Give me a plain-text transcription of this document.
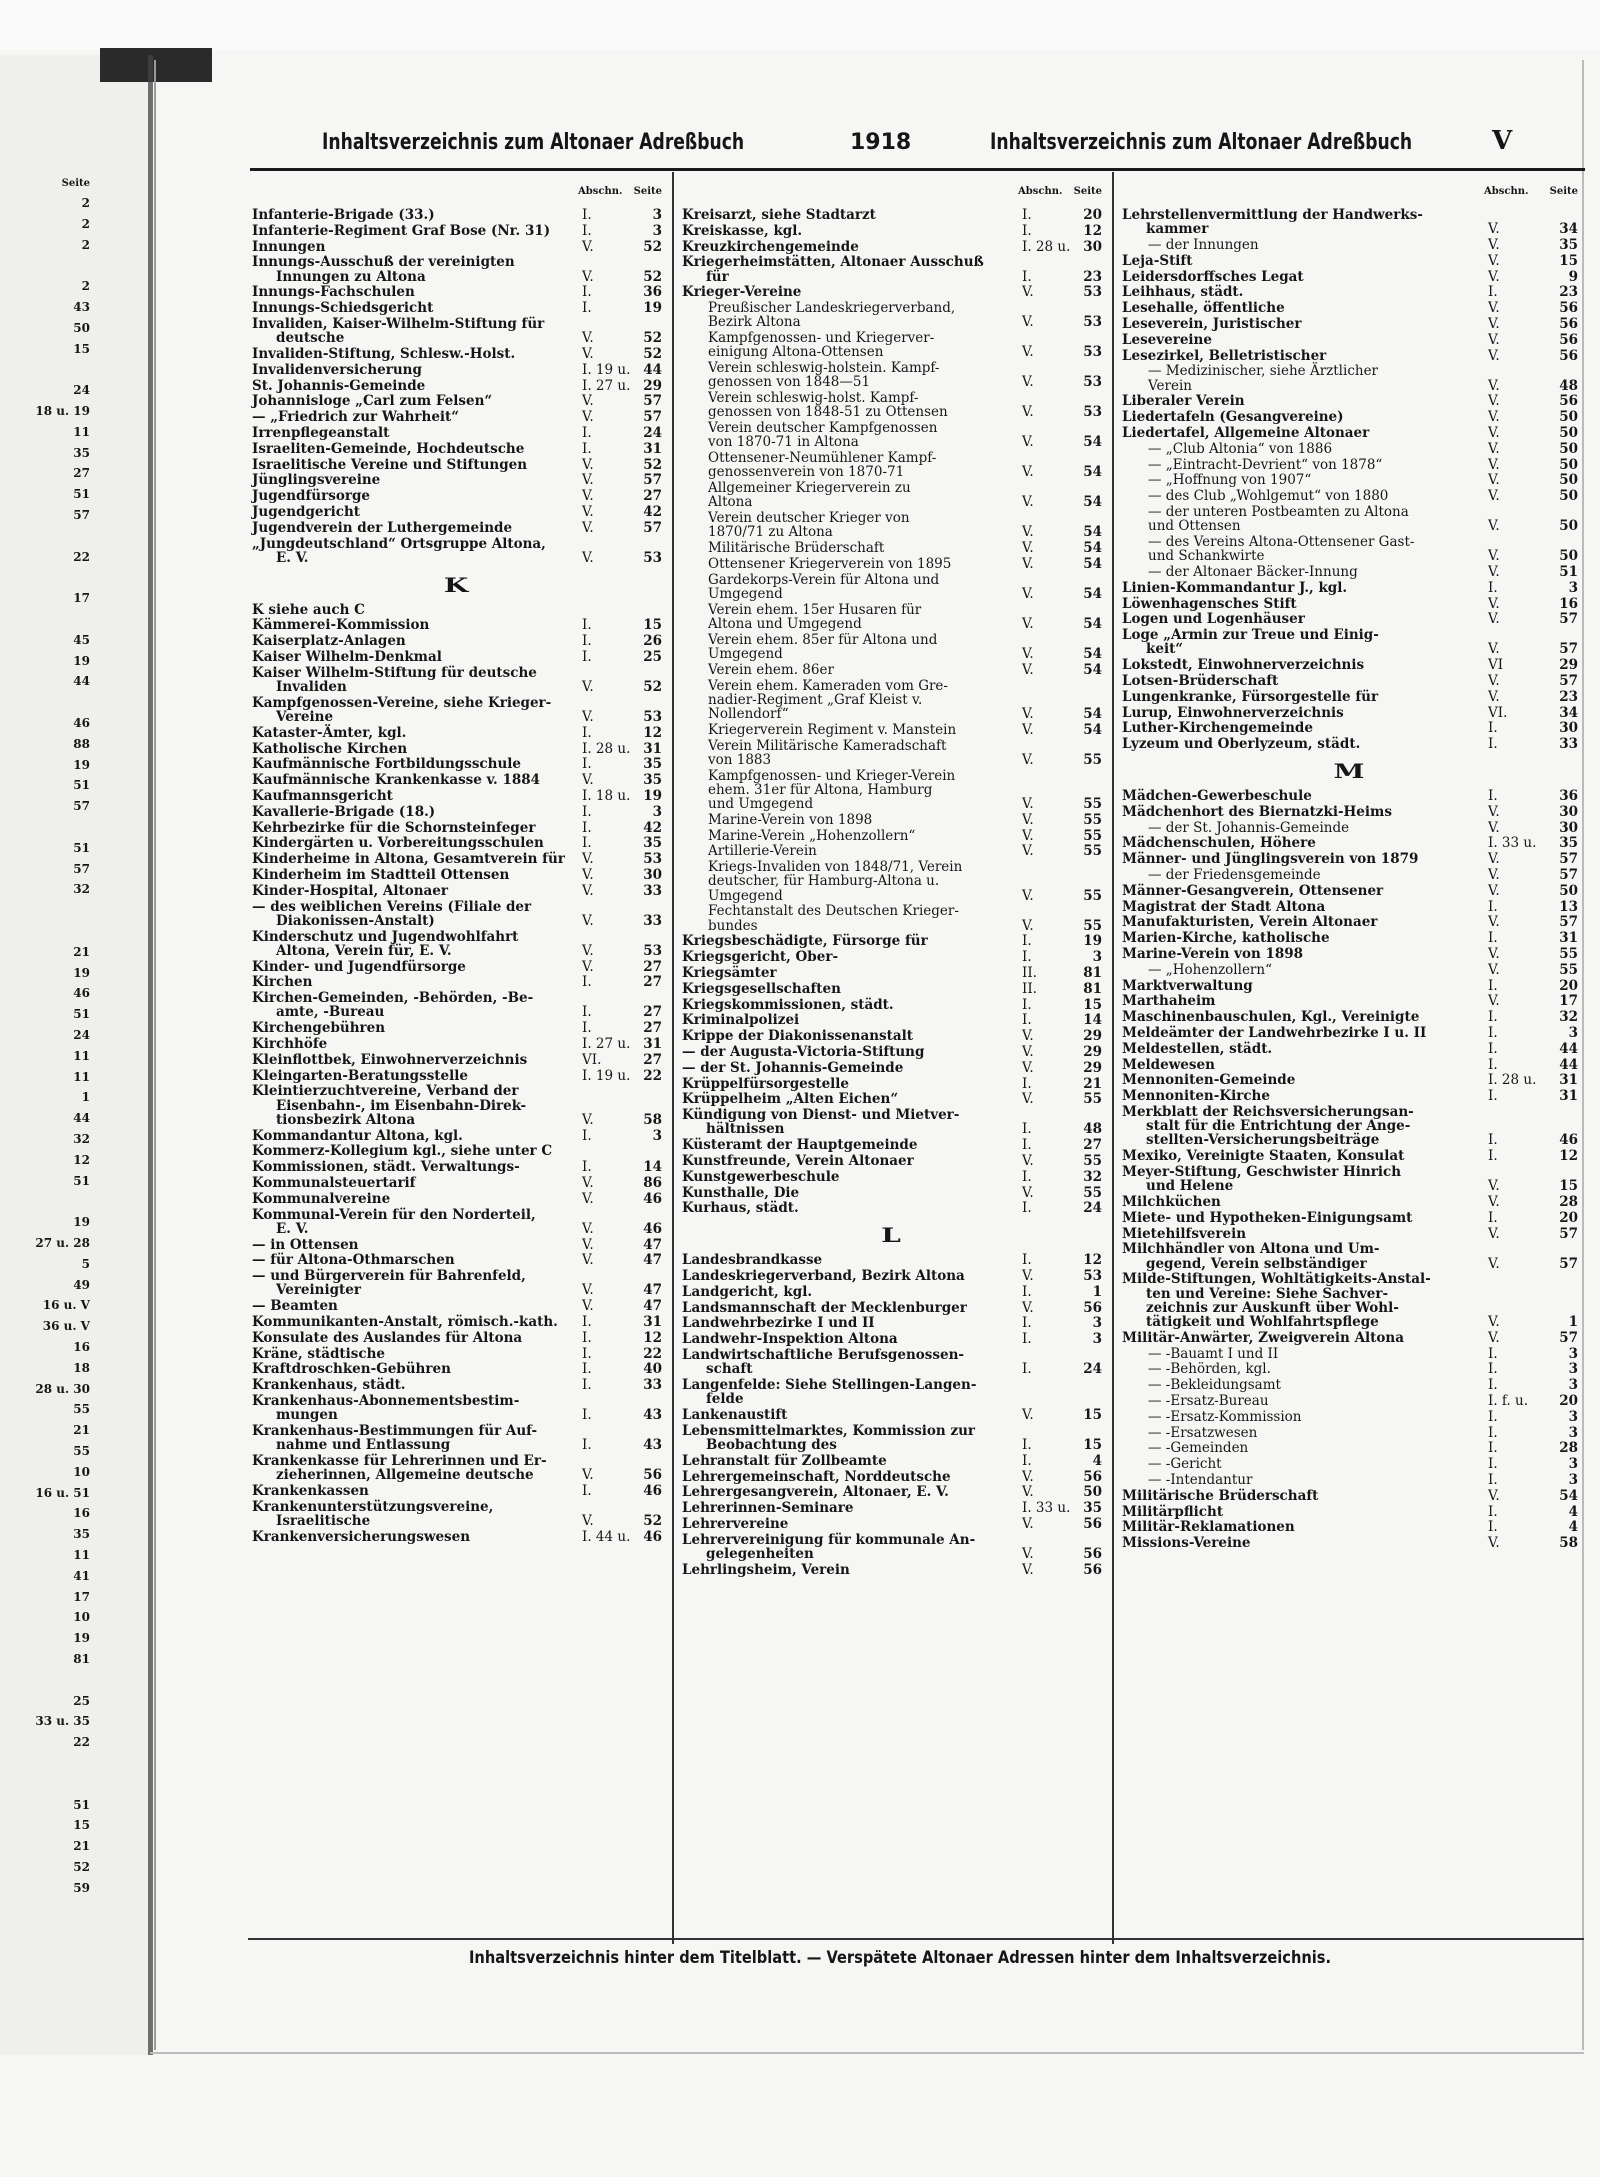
Seite
2
2
2
2
43
50
15
24
18 u. 19
11
35
27
51
57
22
17
45
19
44
46
88
19
51
57
51
57
32
21
19
46
51
24
11
11
1
44
32
12
51
19
27 u. 28
5
49
16 u. V
36 u. V
16
18
28 u. 30
55
21
55
10
16 u. 51
16
35
11
41
17
10
19
81
25
33 u. 35
22
51
15
21
52
59
Inhaltsverzeichnis zum Altonaer Adreßbuch	1918	Inhaltsverzeichnis zum Altonaer Adreßbuch	V
Abschn. Seite
Infanterie-Brigade (33.)	I.	3
Infanterie-Regiment Graf Bose (Nr. 31) I.	3
Innungen	V.	52
Innungs-Ausschuß der vereinigten
Innungen zu Altona	V.	52
Innungs-Fachschulen	I.	36
Innungs-Schiedsgericht	I.	19
Invaliden, Kaiser-Wilhelm-Stiftung für
deutsche	V.	52
Invaliden-Stiftung, Schlesw.-Holst.	V.	52
Invalidenversicherung	I. 19 u. 44
St. Johannis-Gemeinde	I. 27 u. 29
Johannisloge „Carl zum Felsen“	V.	57
— „Friedrich zur Wahrheit“	V.	57
Irrenpflegeanstalt	I.	24
Israeliten-Gemeinde, Hochdeutsche	I.	31
Israelitische Vereine und Stiftungen	V.	52
Jünglingsvereine	V.	57
Jugendfürsorge	V.	27
Jugendgericht	V.	42
Jugendverein der Luthergemeinde	V.	57
„Jungdeutschland“ Ortsgruppe Altona,
E. V.	V.	53
K
K siehe auch C
Kämmerei-Kommission	I.	15
Kaiserplatz-Anlagen	I.	26
Kaiser Wilhelm-Denkmal	I.	25
Kaiser Wilhelm-Stiftung für deutsche
Invaliden	V.	52
Kampfgenossen-Vereine, siehe Krieger-
Vereine	V.	53
Kataster-Ämter, kgl.	I.	12
Katholische Kirchen	I. 28 u. 31
Kaufmännische Fortbildungsschule	I.	35
Kaufmännische Krankenkasse v. 1884	V.	35
Kaufmannsgericht	I. 18 u. 19
Kavallerie-Brigade (18.)	I.	3
Kehrbezirke für die Schornsteinfeger	I.	42
Kindergärten u. Vorbereitungsschulen	I.	35
Kinderheime in Altona, Gesamtverein für V.	53
Kinderheim im Stadtteil Ottensen	V.	30
Kinder-Hospital, Altonaer	V.	33
— des weiblichen Vereins (Filiale der
Diakonissen-Anstalt)	V.	33
Kinderschutz und Jugendwohlfahrt
Altona, Verein für, E. V.	V.	53
Kinder- und Jugendfürsorge	V.	27
Kirchen	I.	27
Kirchen-Gemeinden, -Behörden, -Be-
amte, -Bureau	I.	27
Kirchengebühren	I.	27
Kirchhöfe	I. 27 u. 31
Kleinflottbek, Einwohnerverzeichnis	VI.	27
Kleingarten-Beratungsstelle	I. 19 u. 22
Kleintierzuchtvereine, Verband der
Eisenbahn-, im Eisenbahn-Direk-
tionsbezirk Altona	V.	58
Kommandantur Altona, kgl.	I.	3
Kommerz-Kollegium kgl., siehe unter C
Kommissionen, städt. Verwaltungs-	I.	14
Kommunalsteuertarif	V.	86
Kommunalvereine	V.	46
Kommunal-Verein für den Norderteil,
E. V.	V.	46
— in Ottensen	V.	47
— für Altona-Othmarschen	V.	47
— und Bürgerverein für Bahrenfeld,
Vereinigter	V.	47
— Beamten	V.	47
Kommunikanten-Anstalt, römisch.-kath. I.	31
Konsulate des Auslandes für Altona	I.	12
Kräne, städtische	I.	22
Kraftdroschken-Gebühren	I.	40
Krankenhaus, städt.	I.	33
Krankenhaus-Abonnementsbestim-
mungen	I.	43
Krankenhaus-Bestimmungen für Auf-
nahme und Entlassung	I.	43
Krankenkasse für Lehrerinnen und Er-
zieherinnen, Allgemeine deutsche	V.	56
Krankenkassen	I.	46
Krankenunterstützungsvereine,
Israelitische	V.	52
Krankenversicherungswesen	I. 44 u. 46
Abschn. Seite
Kreisarzt, siehe Stadtarzt	I.	20
Kreiskasse, kgl.	I.	12
Kreuzkirchengemeinde	I. 28 u. 30
Kriegerheimstätten, Altonaer Ausschuß
für	I.	23
Krieger-Vereine	V.	53
Preußischer Landeskriegerverband,
Bezirk Altona	V.	53
Kampfgenossen- und Kriegerver-
einigung Altona-Ottensen	V.	53
Verein schleswig-holstein. Kampf-
genossen von 1848—51	V.	53
Verein schleswig-holst. Kampf-
genossen von 1848-51 zu Ottensen	V.	53
Verein deutscher Kampfgenossen
von 1870-71 in Altona	V.	54
Ottensener-Neumühlener Kampf-
genossenverein von 1870-71	V.	54
Allgemeiner Kriegerverein zu
Altona	V.	54
Verein deutscher Krieger von
1870/71 zu Altona	V.	54
Militärische Brüderschaft	V.	54
Ottensener Kriegerverein von 1895	V.	54
Gardekorps-Verein für Altona und
Umgegend	V.	54
Verein ehem. 15er Husaren für
Altona und Umgegend	V.	54
Verein ehem. 85er für Altona und
Umgegend	V.	54
Verein ehem. 86er	V.	54
Verein ehem. Kameraden vom Gre-
nadier-Regiment „Graf Kleist v.
Nollendorf“	V.	54
Kriegerverein Regiment v. Manstein	V.	54
Verein Militärische Kameradschaft
von 1883	V.	55
Kampfgenossen- und Krieger-Verein
ehem. 31er für Altona, Hamburg
und Umgegend	V.	55
Marine-Verein von 1898	V.	55
Marine-Verein „Hohenzollern“	V.	55
Artillerie-Verein	V.	55
Kriegs-Invaliden von 1848/71, Verein
deutscher, für Hamburg-Altona u.
Umgegend	V.	55
Fechtanstalt des Deutschen Krieger-
bundes	V.	55
Kriegsbeschädigte, Fürsorge für	I.	19
Kriegsgericht, Ober-	I.	3
Kriegsämter	II.	81
Kriegsgesellschaften	II.	81
Kriegskommissionen, städt.	I.	15
Kriminalpolizei	I.	14
Krippe der Diakonissenanstalt	V.	29
— der Augusta-Victoria-Stiftung	V.	29
— der St. Johannis-Gemeinde	V.	29
Krüppelfürsorgestelle	I.	21
Krüppelheim „Alten Eichen“	V.	55
Kündigung von Dienst- und Mietver-
hältnissen	I.	48
Küsteramt der Hauptgemeinde	I.	27
Kunstfreunde, Verein Altonaer	V.	55
Kunstgewerbeschule	I.	32
Kunsthalle, Die	V.	55
Kurhaus, städt.	I.	24
L
Landesbrandkasse	I.	12
Landeskriegerverband, Bezirk Altona	V.	53
Landgericht, kgl.	I.	1
Landsmannschaft der Mecklenburger	V.	56
Landwehrbezirke I und II	I.	3
Landwehr-Inspektion Altona	I.	3
Landwirtschaftliche Berufsgenossen-
schaft	I.	24
Langenfelde: Siehe Stellingen-Langen-
felde
Lankenaustift	V.	15
Lebensmittelmarktes, Kommission zur
Beobachtung des	I.	15
Lehranstalt für Zollbeamte	I.	4
Lehrergemeinschaft, Norddeutsche	V.	56
Lehrergesangverein, Altonaer, E. V.	V.	50
Lehrerinnen-Seminare	I. 33 u. 35
Lehrervereine	V.	56
Lehrervereinigung für kommunale An-
gelegenheiten	V.	56
Lehrlingsheim, Verein	V.	56
Abschn. Seite
Lehrstellenvermittlung der Handwerks-
kammer	V.	34
— der Innungen	V.	35
Leja-Stift	V.	15
Leidersdorffsches Legat	V.	9
Leihhaus, städt.	I.	23
Lesehalle, öffentliche	V.	56
Leseverein, Juristischer	V.	56
Lesevereine	V.	56
Lesezirkel, Belletristischer	V.	56
— Medizinischer, siehe Ärztlicher
Verein	V.	48
Liberaler Verein	V.	56
Liedertafeln (Gesangvereine)	V.	50
Liedertafel, Allgemeine Altonaer	V.	50
— „Club Altonia“ von 1886	V.	50
— „Eintracht-Devrient“ von 1878“	V.	50
— „Hoffnung von 1907“	V.	50
— des Club „Wohlgemut“ von 1880	V.	50
— der unteren Postbeamten zu Altona
und Ottensen	V.	50
— des Vereins Altona-Ottensener Gast-
und Schankwirte	V.	50
— der Altonaer Bäcker-Innung	V.	51
Linien-Kommandantur J., kgl.	I.	3
Löwenhagensches Stift	V.	16
Logen und Logenhäuser	V.	57
Loge „Armin zur Treue und Einig-
keit“	V.	57
Lokstedt, Einwohnerverzeichnis	VI	29
Lotsen-Brüderschaft	V.	57
Lungenkranke, Fürsorgestelle für	V.	23
Lurup, Einwohnerverzeichnis	VI.	34
Luther-Kirchengemeinde	I.	30
Lyzeum und Oberlyzeum, städt.	I.	33
M
Mädchen-Gewerbeschule	I.	36
Mädchenhort des Biernatzki-Heims	V.	30
— der St. Johannis-Gemeinde	V.	30
Mädchenschulen, Höhere	I. 33 u. 35
Männer- und Jünglingsverein von 1879	V.	57
— der Friedensgemeinde	V.	57
Männer-Gesangverein, Ottensener	V.	50
Magistrat der Stadt Altona	I.	13
Manufakturisten, Verein Altonaer	V.	57
Marien-Kirche, katholische	I.	31
Marine-Verein von 1898	V.	55
— „Hohenzollern“	V.	55
Marktverwaltung	I.	20
Marthaheim	V.	17
Maschinenbauschulen, Kgl., Vereinigte	I.	32
Meldeämter der Landwehrbezirke I u. II	I.	3
Meldestellen, städt.	I.	44
Meldewesen	I.	44
Mennoniten-Gemeinde	I. 28 u. 31
Mennoniten-Kirche	I.	31
Merkblatt der Reichsversicherungsan-
stalt für die Entrichtung der Ange-
stellten-Versicherungsbeiträge	I.	46
Mexiko, Vereinigte Staaten, Konsulat	I.	12
Meyer-Stiftung, Geschwister Hinrich
und Helene	V.	15
Milchküchen	V.	28
Miete- und Hypotheken-Einigungsamt	I.	20
Mietehilfsverein	V.	57
Milchhändler von Altona und Um-
gegend, Verein selbständiger	V.	57
Milde-Stiftungen, Wohltätigkeits-Anstal-
ten und Vereine: Siehe Sachver-
zeichnis zur Auskunft über Wohl-
tätigkeit und Wohlfahrtspflege	V.	1
Militär-Anwärter, Zweigverein Altona	V.	57
— -Bauamt I und II	I.	3
— -Behörden, kgl.	I.	3
— -Bekleidungsamt	I.	3
— -Ersatz-Bureau	I. f. u. 20
— -Ersatz-Kommission	I.	3
— -Ersatzwesen	I.	3
— -Gemeinden	I.	28
— -Gericht	I.	3
— -Intendantur	I.	3
Militärische Brüderschaft	V.	54
Militärpflicht	I.	4
Militär-Reklamationen	I.	4
Missions-Vereine	V.	58
Inhaltsverzeichnis hinter dem Titelblatt. — Verspätete Altonaer Adressen hinter dem Inhaltsverzeichnis.
